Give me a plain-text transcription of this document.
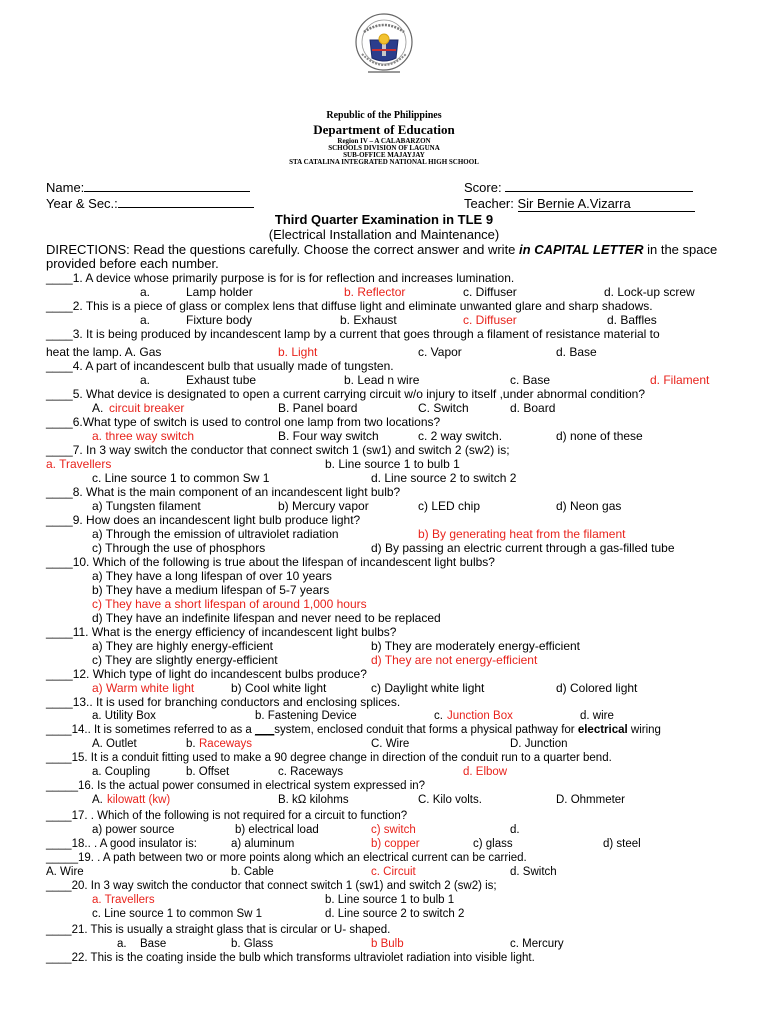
Republic of the Philippines
Department of Education
Region IV – A CALABARZON
SCHOOLS DIVISION OF LAGUNA
SUB-OFFICE MAJAYJAY
STA CATALINA INTEGRATED NATIONAL HIGH SCHOOL
Name:
Year & Sec.:
Score:
Teacher: Sir Bernie A.Vizarra
Third Quarter Examination in TLE 9
(Electrical Installation and Maintenance)
DIRECTIONS: Read the questions carefully. Choose the correct answer and write in CAPITAL LETTER in the space
provided before each number.
____14.. It is sometimes referred to as a ___system, enclosed conduit that forms a physical pathway for electrical wiring
____1. A device whose primarily purpose is for is for reflection and increases lumination.
a.	Lamp holder	b. Reflector	c. Diffuser	d. Lock-up screw
____2. This is a piece of glass or complex lens that diffuse light and eliminate unwanted glare and sharp shadows.
a.	Fixture body	b. Exhaust	c. Diffuser	d. Baffles
____3. It is being produced by incandescent lamp by a current that goes through a filament of resistance material to
heat the lamp. A. Gas	b. Light	c. Vapor	d. Base
____4. A part of incandescent bulb that usually made of tungsten.
a.	Exhaust tube	b. Lead n wire	c. Base	d. Filament
____5. What device is designated to open a current carrying circuit w/o injury to itself ,under abnormal condition?
A. circuit breaker	B. Panel board	C. Switch	d. Board
____6.What type of switch is used to control one lamp from two locations?
a. three way switch	B. Four way switch	c. 2 way switch.	d) none of these
____7. In 3 way switch the conductor that connect switch 1 (sw1) and switch 2 (sw2) is;
a. Travellers	b. Line source 1 to bulb 1
c. Line source 1 to common Sw 1	d. Line source 2 to switch 2
____8. What is the main component of an incandescent light bulb?
a) Tungsten filament	b) Mercury vapor	c) LED chip	d) Neon gas
____9. How does an incandescent light bulb produce light?
a) Through the emission of ultraviolet radiation	b) By generating heat from the filament
c) Through the use of phosphors	d) By passing an electric current through a gas-filled tube
____10. Which of the following is true about the lifespan of incandescent light bulbs?
a) They have a long lifespan of over 10 years
b) They have a medium lifespan of 5-7 years
c) They have a short lifespan of around 1,000 hours
d) They have an indefinite lifespan and never need to be replaced
____11. What is the energy efficiency of incandescent light bulbs?
a) They are highly energy-efficient	b) They are moderately energy-efficient
c) They are slightly energy-efficient	d) They are not energy-efficient
____12. Which type of light do incandescent bulbs produce?
a) Warm white light	b) Cool white light	c) Daylight white light	d) Colored light
____13.. It is used for branching conductors and enclosing splices.
a. Utility Box	b. Fastening Device	c. Junction Box	d. wire
A. Outlet	b. Raceways	C. Wire	D. Junction
____15. It is a conduit fitting used to make a 90 degree change in direction of the conduit run to a quarter bend.
a. Coupling	b. Offset	c. Raceways	d. Elbow
_____16. Is the actual power consumed in electrical system expressed in?
A. kilowatt (kw)	B. kΩ kilohms	C. Kilo volts.	D. Ohmmeter
____17. . Which of the following is not required for a circuit to function?
a) power source	b) electrical load	c) switch	d.
____18.. . A good insulator is:	a) aluminum	b) copper	c) glass	d) steel
_____19. . A path between two or more points along which an electrical current can be carried.
A. Wire	b. Cable	c. Circuit	d. Switch
____20. In 3 way switch the conductor that connect switch 1 (sw1) and switch 2 (sw2) is;
a. Travellers	b. Line source 1 to bulb 1
c. Line source 1 to common Sw 1	d. Line source 2 to switch 2
____21. This is usually a straight glass that is circular or U- shaped.
a. Base	b. Glass	b Bulb	c. Mercury
____22. This is the coating inside the bulb which transforms ultraviolet radiation into visible light.
